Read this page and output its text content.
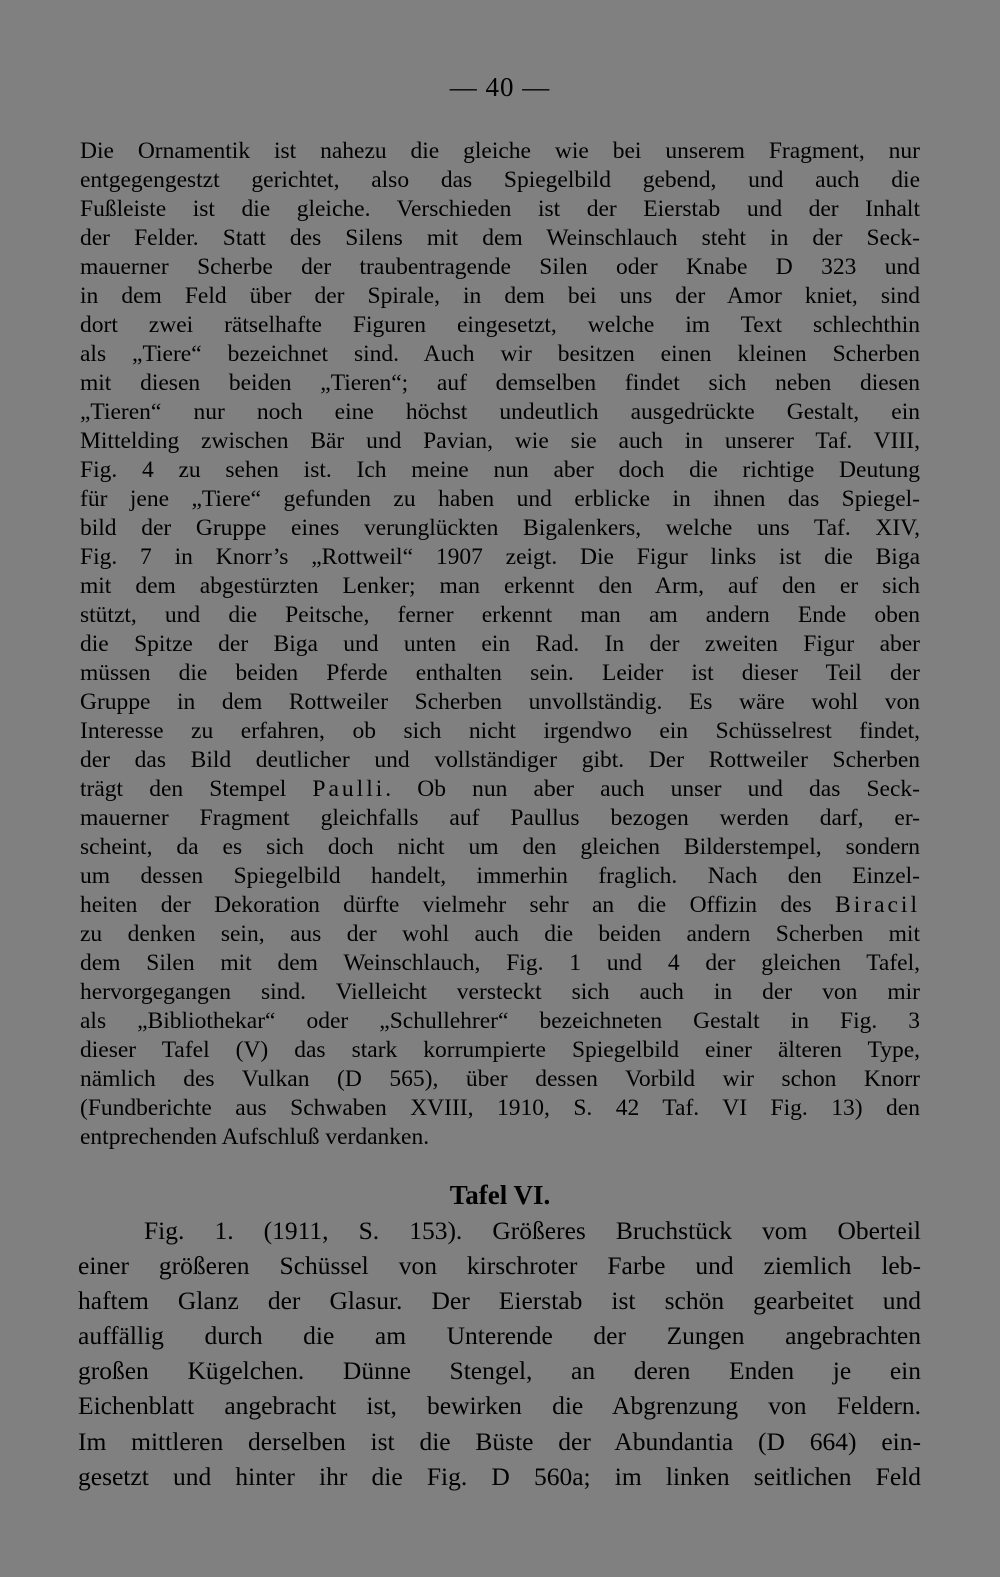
— 40 —
Die Ornamentik ist nahezu die gleiche wie bei unserem Fragment, nur
entgegengestzt gerichtet, also das Spiegelbild gebend, und auch die
Fußleiste ist die gleiche. Verschieden ist der Eierstab und der Inhalt
der Felder. Statt des Silens mit dem Weinschlauch steht in der Seck-
mauerner Scherbe der traubentragende Silen oder Knabe D 323 und
in dem Feld über der Spirale, in dem bei uns der Amor kniet, sind
dort zwei rätselhafte Figuren eingesetzt, welche im Text schlechthin
als „Tiere“ bezeichnet sind. Auch wir besitzen einen kleinen Scherben
mit diesen beiden „Tieren“; auf demselben findet sich neben diesen
„Tieren“ nur noch eine höchst undeutlich ausgedrückte Gestalt, ein
Mittelding zwischen Bär und Pavian, wie sie auch in unserer Taf. VIII,
Fig. 4 zu sehen ist. Ich meine nun aber doch die richtige Deutung
für jene „Tiere“ gefunden zu haben und erblicke in ihnen das Spiegel-
bild der Gruppe eines verunglückten Bigalenkers, welche uns Taf. XIV,
Fig. 7 in Knorr’s „Rottweil“ 1907 zeigt. Die Figur links ist die Biga
mit dem abgestürzten Lenker; man erkennt den Arm, auf den er sich
stützt, und die Peitsche, ferner erkennt man am andern Ende oben
die Spitze der Biga und unten ein Rad. In der zweiten Figur aber
müssen die beiden Pferde enthalten sein. Leider ist dieser Teil der
Gruppe in dem Rottweiler Scherben unvollständig. Es wäre wohl von
Interesse zu erfahren, ob sich nicht irgendwo ein Schüsselrest findet,
der das Bild deutlicher und vollständiger gibt. Der Rottweiler Scherben
trägt den Stempel Paulli. Ob nun aber auch unser und das Seck-
mauerner Fragment gleichfalls auf Paullus bezogen werden darf, er-
scheint, da es sich doch nicht um den gleichen Bilderstempel, sondern
um dessen Spiegelbild handelt, immerhin fraglich. Nach den Einzel-
heiten der Dekoration dürfte vielmehr sehr an die Offizin des Biracil
zu denken sein, aus der wohl auch die beiden andern Scherben mit
dem Silen mit dem Weinschlauch, Fig. 1 und 4 der gleichen Tafel,
hervorgegangen sind. Vielleicht versteckt sich auch in der von mir
als „Bibliothekar“ oder „Schullehrer“ bezeichneten Gestalt in Fig. 3
dieser Tafel (V) das stark korrumpierte Spiegelbild einer älteren Type,
nämlich des Vulkan (D 565), über dessen Vorbild wir schon Knorr
(Fundberichte aus Schwaben XVIII, 1910, S. 42 Taf. VI Fig. 13) den
entprechenden Aufschluß verdanken.
Tafel VI.
Fig. 1. (1911, S. 153). Größeres Bruchstück vom Oberteil
einer größeren Schüssel von kirschroter Farbe und ziemlich leb-
haftem Glanz der Glasur. Der Eierstab ist schön gearbeitet und
auffällig durch die am Unterende der Zungen angebrachten
großen Kügelchen. Dünne Stengel, an deren Enden je ein
Eichenblatt angebracht ist, bewirken die Abgrenzung von Feldern.
Im mittleren derselben ist die Büste der Abundantia (D 664) ein-
gesetzt und hinter ihr die Fig. D 560a; im linken seitlichen Feld
